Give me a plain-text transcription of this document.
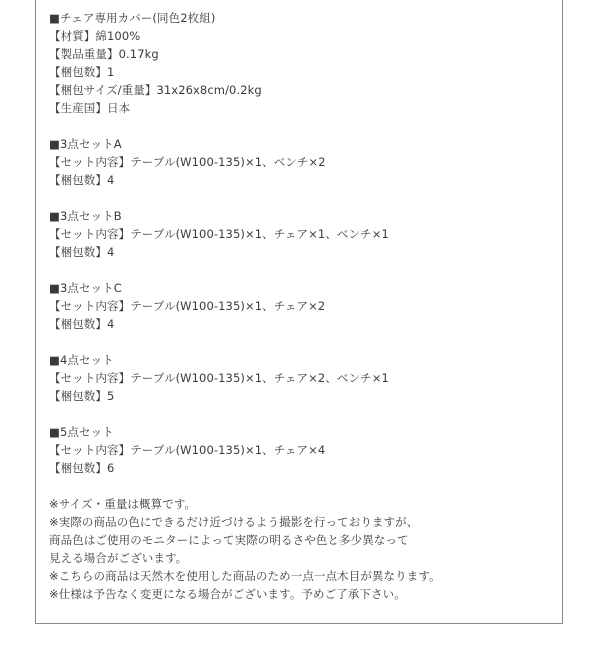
■チェア専用カバー(同色2枚組)
【材質】綿100%
【製品重量】0.17kg
【梱包数】1
【梱包サイズ/重量】31x26x8cm/0.2kg
【生産国】日本
■3点セットA
【セット内容】テーブル(W100-135)×1、ベンチ×2
【梱包数】4
■3点セットB
【セット内容】テーブル(W100-135)×1、チェア×1、ベンチ×1
【梱包数】4
■3点セットC
【セット内容】テーブル(W100-135)×1、チェア×2
【梱包数】4
■4点セット
【セット内容】テーブル(W100-135)×1、チェア×2、ベンチ×1
【梱包数】5
■5点セット
【セット内容】テーブル(W100-135)×1、チェア×4
【梱包数】6
※サイズ・重量は概算です。
※実際の商品の色にできるだけ近づけるよう撮影を行っておりますが、
商品色はご使用のモニターによって実際の明るさや色と多少異なって
見える場合がございます。
※こちらの商品は天然木を使用した商品のため一点一点木目が異なります。
※仕様は予告なく変更になる場合がございます。予めご了承下さい。
